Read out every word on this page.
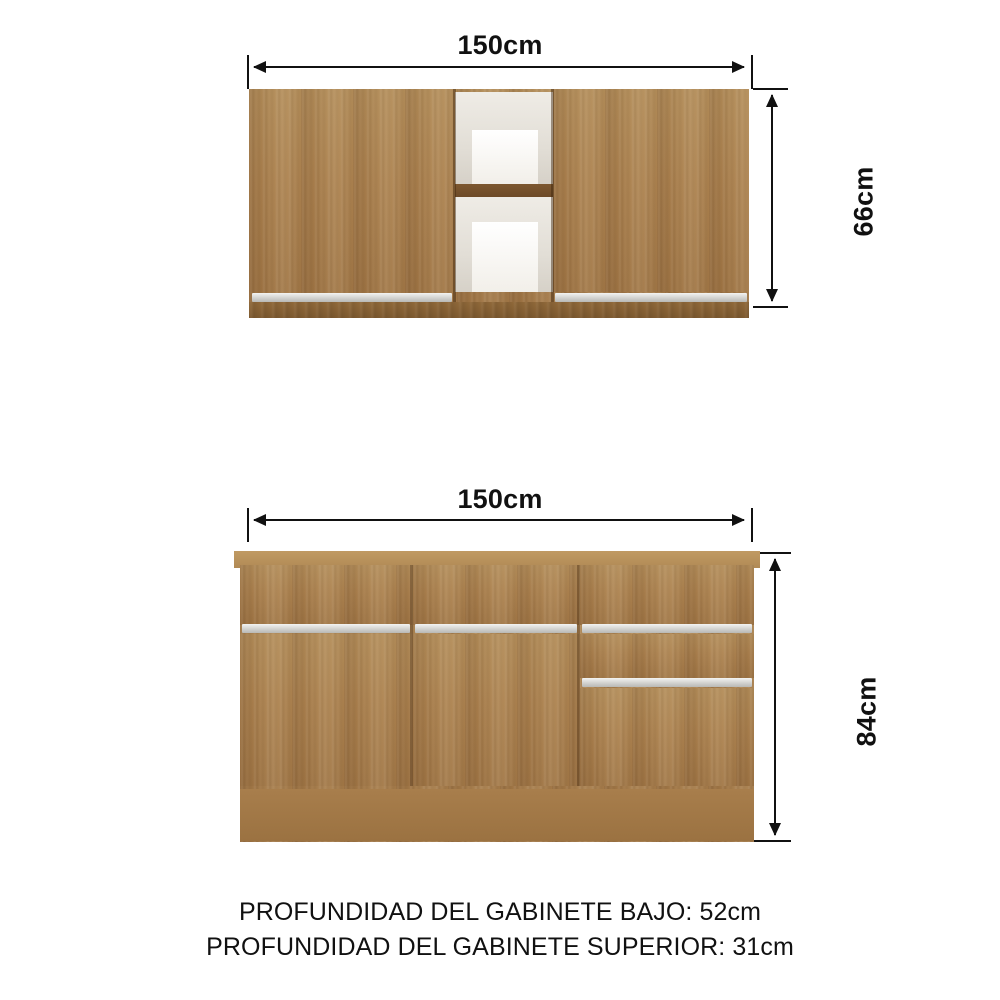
150cm
66cm
150cm
84cm
PROFUNDIDAD DEL GABINETE BAJO: 52cm
PROFUNDIDAD DEL GABINETE SUPERIOR: 31cm
